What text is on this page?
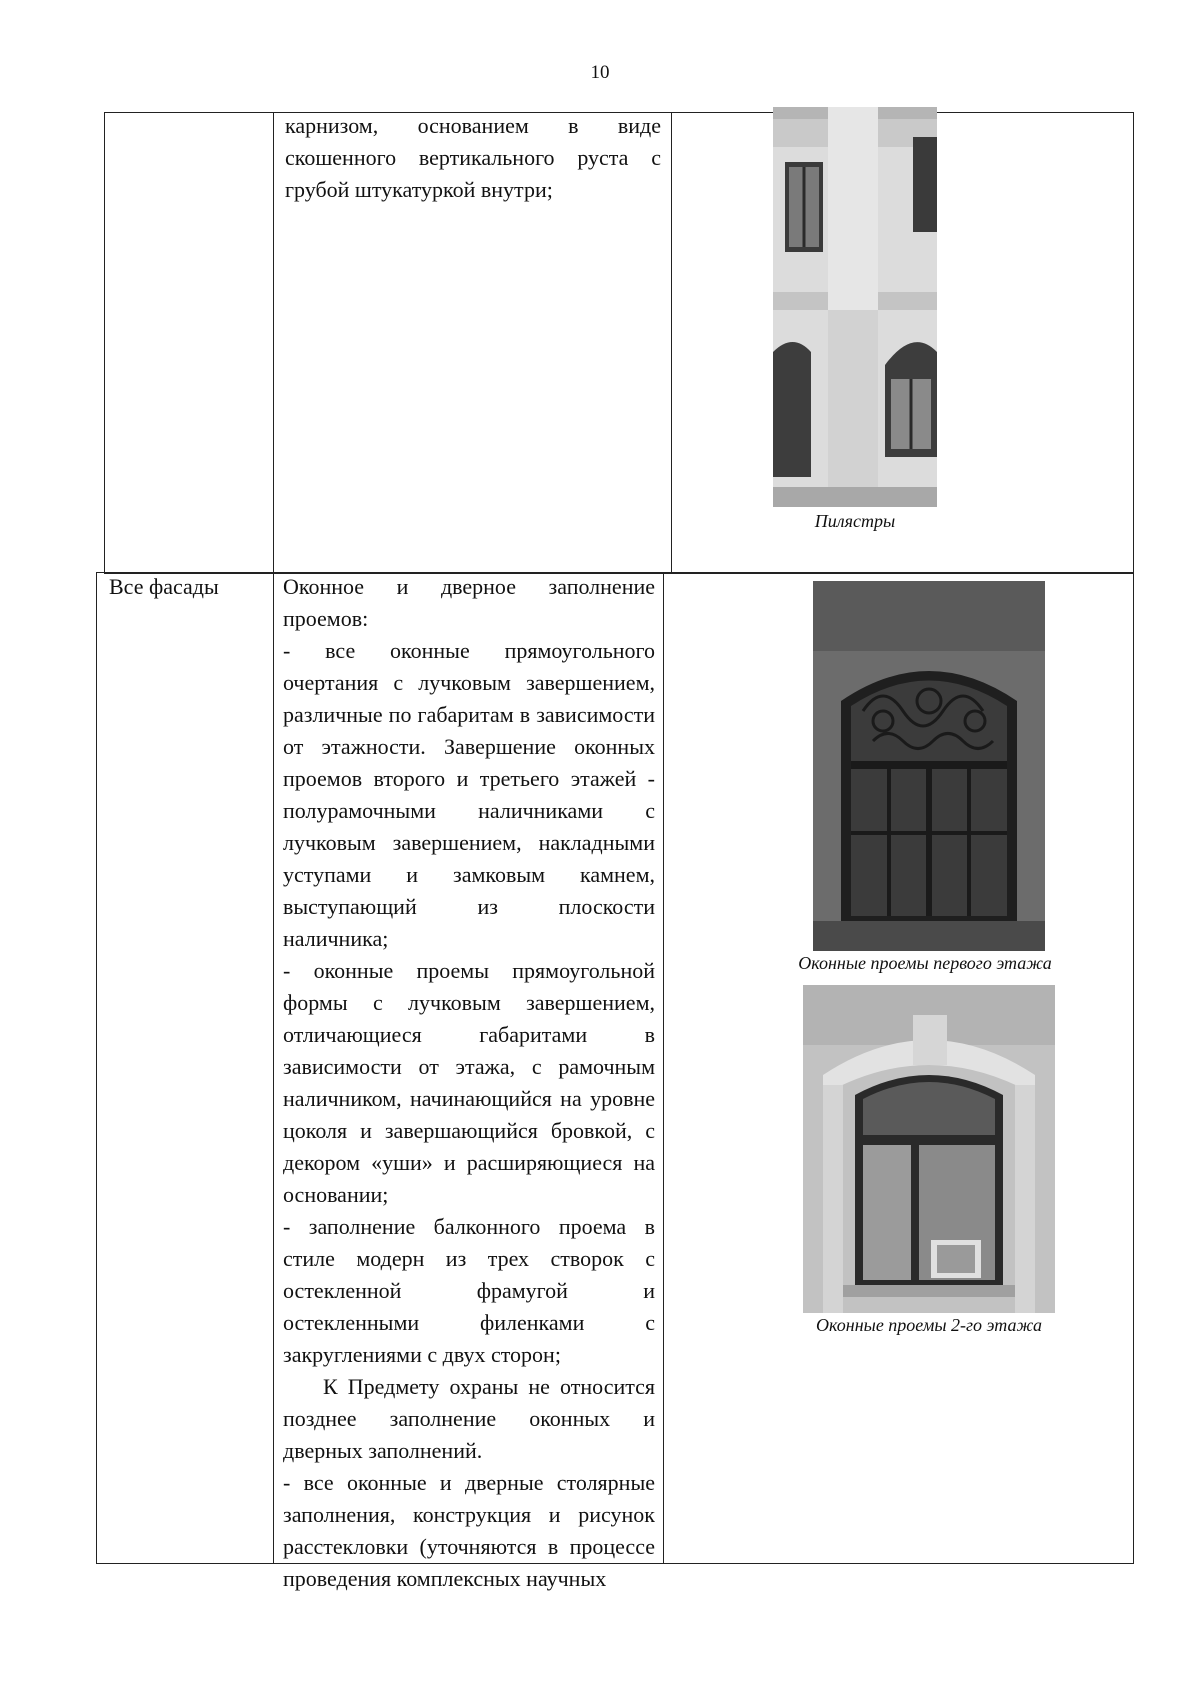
10

карнизом, основанием в виде скошенного вертикального руста с грубой штукатуркой внутри;

Пилястры
Все фасады	Оконное и дверное заполнение проемов:

- все оконные прямоугольного очертания с лучковым завершением, различные по габаритам в зависимости от этажности. Завершение оконных проемов второго и третьего этажей - полурамочными наличниками с лучковым завершением, накладными уступами и замковым камнем, выступающий из плоскости наличника;

- оконные проемы прямоугольной формы с лучковым завершением, отличающиеся габаритами в зависимости от этажа, с рамочным наличником, начинающийся на уровне цоколя и завершающийся бровкой, с декором «уши» и расширяющиеся на основании;

- заполнение балконного проема в стиле модерн из трех створок с остекленной фрамугой и остекленными филенками с закруглениями с двух сторон;

К Предмету охраны не относится позднее заполнение оконных и дверных заполнений.

- все оконные и дверные столярные заполнения, конструкция и рисунок расстекловки (уточняются в процессе проведения комплексных научных

Оконные проемы первого этажа
Оконные проемы 2-го этажа
